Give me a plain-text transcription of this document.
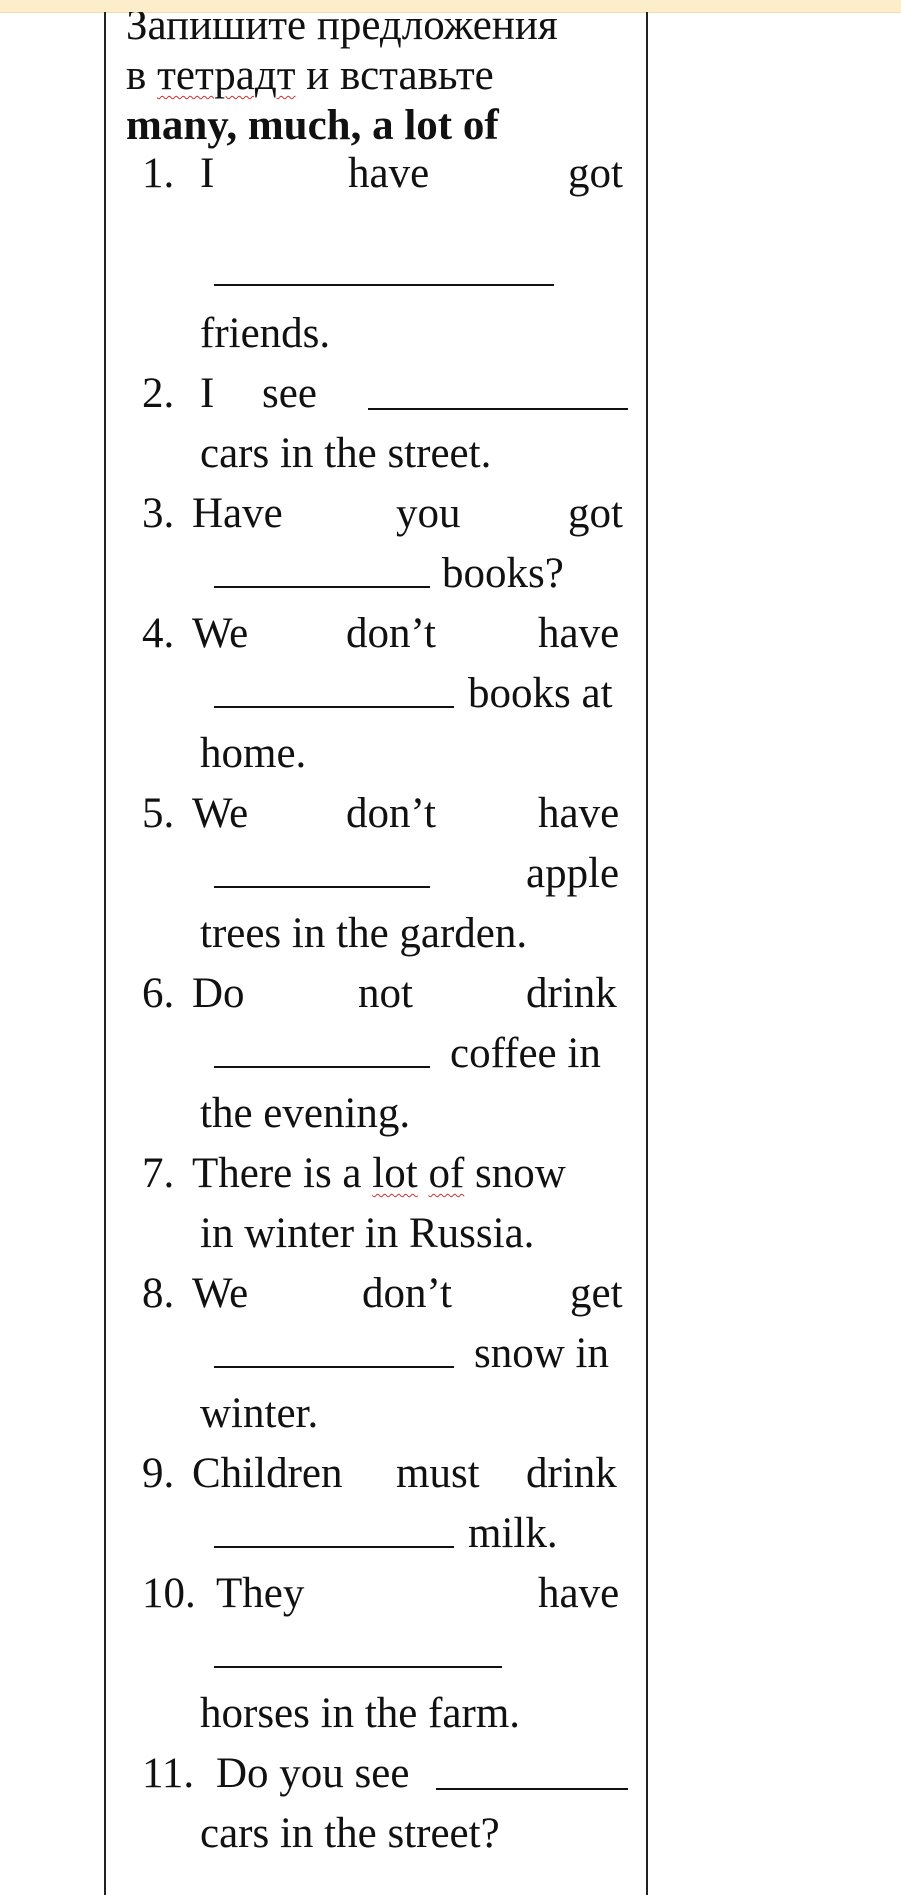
Запишите предложения
в тетрадт и вставьте
many, much, a lot of
1. I	have	got
friends.
2. I see
cars in the street.
3. Have	you	got
books?
4. We don’t have
books at
home.
5. We don’t have
apple
trees in the garden.
6. Do	not	drink
coffee in
the evening.
7. There is a lot of snow
in winter in Russia.
8. We	don’t	get
snow in
winter.
9. Children must drink
milk.
10. They	have
horses in the farm.
11. Do you see
cars in the street?
